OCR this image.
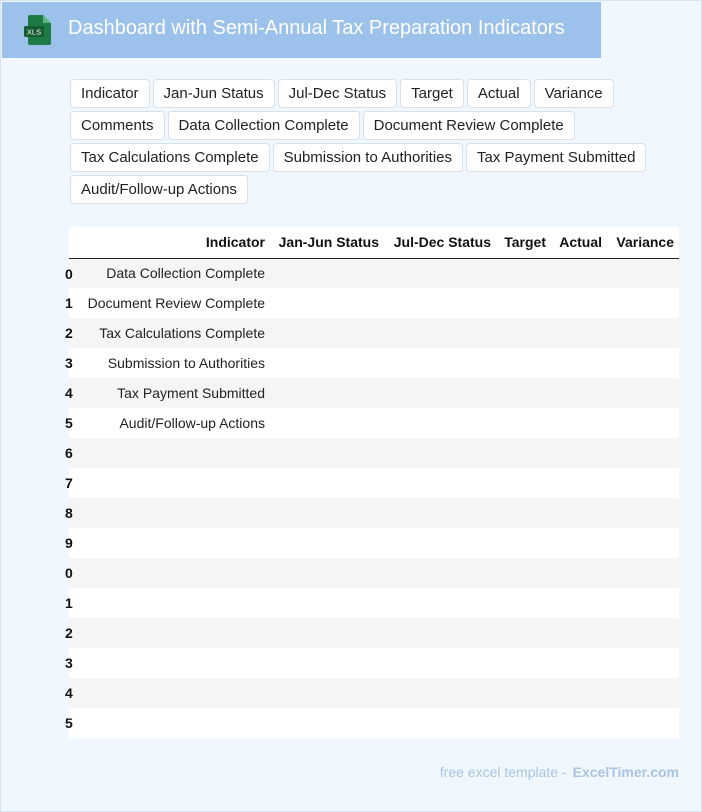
XLS Dashboard with Semi-Annual Tax Preparation Indicators
Indicator	Jan-Jun Status	Jul-Dec Status	Target	Actual	Variance
Comments	Data Collection Complete	Document Review Complete
Tax Calculations Complete	Submission to Authorities	Tax Payment Submitted
Audit/Follow-up Actions
	Indicator	Jan-Jun Status	Jul-Dec Status	Target	Actual	Variance

0	Data Collection Complete					

1	Document Review Complete					

2	Tax Calculations Complete					

3	Submission to Authorities					

4	Tax Payment Submitted					

5	Audit/Follow-up Actions					

6						

7						

8						

9						

0						

1						

2						

3						

4						

5						

free excel template - ExcelTimer.com
